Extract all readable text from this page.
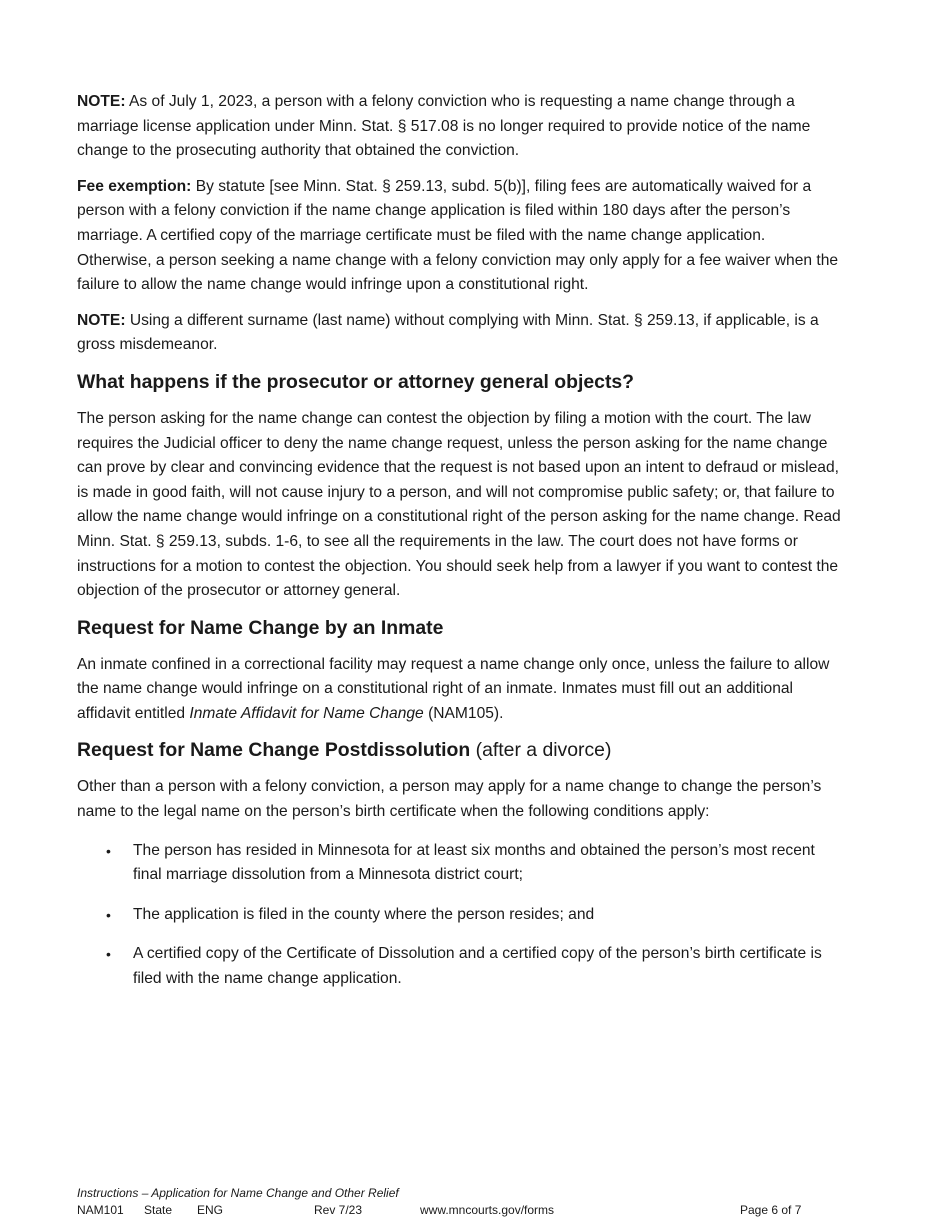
NOTE: As of July 1, 2023, a person with a felony conviction who is requesting a name change through a marriage license application under Minn. Stat. § 517.08 is no longer required to provide notice of the name change to the prosecuting authority that obtained the conviction.

Fee exemption: By statute [see Minn. Stat. § 259.13, subd. 5(b)], filing fees are automatically waived for a person with a felony conviction if the name change application is filed within 180 days after the person’s marriage. A certified copy of the marriage certificate must be filed with the name change application. Otherwise, a person seeking a name change with a felony conviction may only apply for a fee waiver when the failure to allow the name change would infringe upon a constitutional right.

NOTE: Using a different surname (last name) without complying with Minn. Stat. § 259.13, if applicable, is a gross misdemeanor.

What happens if the prosecutor or attorney general objects?

The person asking for the name change can contest the objection by filing a motion with the court. The law requires the Judicial officer to deny the name change request, unless the person asking for the name change can prove by clear and convincing evidence that the request is not based upon an intent to defraud or mislead, is made in good faith, will not cause injury to a person, and will not compromise public safety; or, that failure to allow the name change would infringe on a constitutional right of the person asking for the name change. Read Minn. Stat. § 259.13, subds. 1-6, to see all the requirements in the law. The court does not have forms or instructions for a motion to contest the objection. You should seek help from a lawyer if you want to contest the objection of the prosecutor or attorney general.

Request for Name Change by an Inmate

An inmate confined in a correctional facility may request a name change only once, unless the failure to allow the name change would infringe on a constitutional right of an inmate. Inmates must fill out an additional affidavit entitled Inmate Affidavit for Name Change (NAM105).

Request for Name Change Postdissolution (after a divorce)

Other than a person with a felony conviction, a person may apply for a name change to change the person’s name to the legal name on the person’s birth certificate when the following conditions apply:

• The person has resided in Minnesota for at least six months and obtained the person’s most recent final marriage dissolution from a Minnesota district court;
• The application is filed in the county where the person resides; and
• A certified copy of the Certificate of Dissolution and a certified copy of the person’s birth certificate is filed with the name change application.
Instructions – Application for Name Change and Other Relief
NAM101 State ENG	Rev 7/23	www.mncourts.gov/forms	Page 6 of 7
